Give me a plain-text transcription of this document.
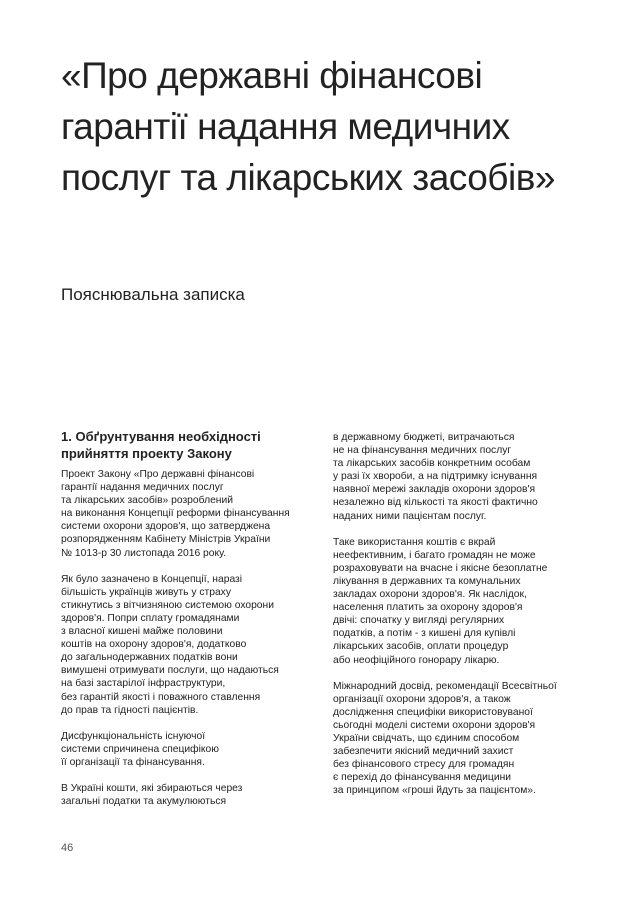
«Про державні фінансові
гарантії надання медичних
послуг та лікарських засобів»

Пояснювальна записка

1. Обґрунтування необхідності
прийняття проекту Закону

Проект Закону «Про державні фінансові
гарантії надання медичних послуг
та лікарських засобів» розроблений
на виконання Концепції реформи фінансування
системи охорони здоров'я, що затверджена
розпорядженням Кабінету Міністрів України
№ 1013-р 30 листопада 2016 року.

Як було зазначено в Концепції, наразі
більшість українців живуть у страху
стикнутись з вітчизняною системою охорони
здоров'я. Попри сплату громадянами
з власної кишені майже половини
коштів на охорону здоров'я, додатково
до загальнодержавних податків вони
вимушені отримувати послуги, що надаються
на базі застарілої інфраструктури,
без гарантій якості і поважного ставлення
до прав та гідності пацієнтів.

Дисфункціональність існуючої
системи спричинена специфікою
її організації та фінансування.

В Україні кошти, які збираються через
загальні податки та акумулюються

в державному бюджеті, витрачаються
не на фінансування медичних послуг
та лікарських засобів конкретним особам
у разі їх хвороби, а на підтримку існування
наявної мережі закладів охорони здоров'я
незалежно від кількості та якості фактично
наданих ними пацієнтам послуг.

Таке використання коштів є вкрай
неефективним, і багато громадян не може
розраховувати на вчасне і якісне безоплатне
лікування в державних та комунальних
закладах охорони здоров'я. Як наслідок,
населення платить за охорону здоров'я
двічі: спочатку у вигляді регулярних
податків, а потім - з кишені для купівлі
лікарських засобів, оплати процедур
або неофіційного гонорару лікарю.

Міжнародний досвід, рекомендації Всесвітньої
організації охорони здоров'я, а також
дослідження специфіки використовуваної
сьогодні моделі системи охорони здоров'я
України свідчать, що єдиним способом
забезпечити якісний медичний захист
без фінансового стресу для громадян
є перехід до фінансування медицини
за принципом «гроші йдуть за пацієнтом».

46
